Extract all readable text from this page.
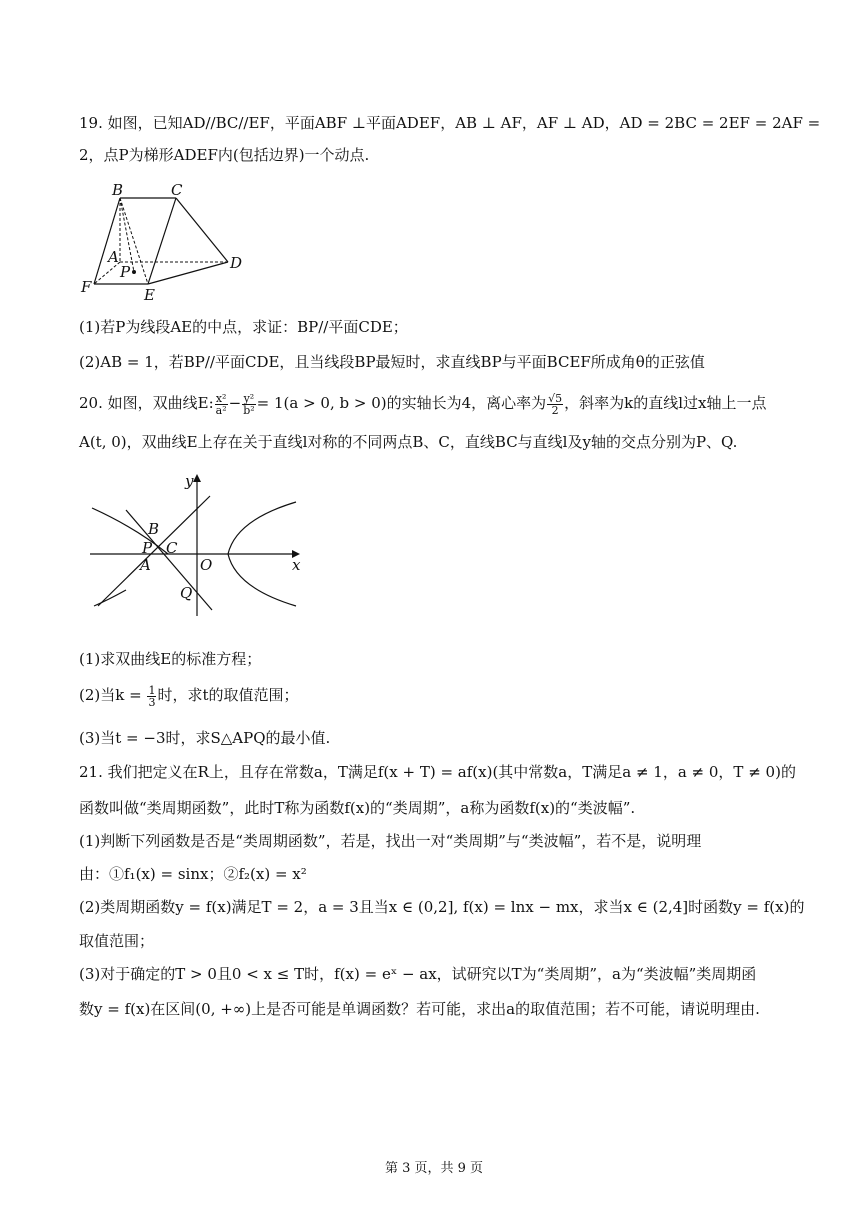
19. 如图，已知AD//BC//EF，平面ABF ⊥平面ADEF，AB ⊥ AF，AF ⊥ AD，AD = 2BC = 2EF = 2AF =
2，点P为梯形ADEF内(包括边界)一个动点.
B	C
A
P	D
F	E
(1)若P为线段AE的中点，求证：BP//平面CDE；
(2)AB = 1，若BP//平面CDE，且当线段BP最短时，求直线BP与平面BCEF所成角θ的正弦值
20. 如图，双曲线E: $\frac{\text{x²}}{\text{a²}} - \frac{\text{y²}}{\text{b²}} = 1(a > 0$, b > 0)的实轴长为4，离心率为 $\frac{√5}{2}$ ，斜率为k的直线l过x轴上一点
A(t, 0)，双曲线E上存在关于直线l对称的不同两点B、C，直线BC与直线l及y轴的交点分别为P、Q.
B
P C
A	O
Q
y
x
(1)求双曲线E的标准方程；
(2)当$k = \frac{1}{3}$ 时，求t的取值范围；
(3)当t = −3时，求S△APQ的最小值.
21. 我们把定义在R上，且存在常数a，T满足f(x + T) = af(x)(其中常数a，T满足a ≠ 1，a ≠ 0，T ≠ 0)的
函数叫做“类周期函数”，此时T称为函数f(x)的“类周期”，a称为函数f(x)的“类波幅”.
(1)判断下列函数是否是“类周期函数”，若是，找出一对“类周期”与“类波幅”，若不是，说明理
由：①f₁(x) = sinx；②f₂(x) = x²
(2)类周期函数y = f(x)满足T = 2，a = 3且当x ∈ (0,2], f(x) = lnx − mx，求当x ∈ (2,4]时函数y = f(x)的
取值范围；
(3)对于确定的T > 0且0 < x ≤ T时，f(x) = eˣ − ax，试研究以T为“类周期”，a为“类波幅”类周期函
数y = f(x)在区间(0, +∞)上是否可能是单调函数？若可能，求出a的取值范围；若不可能，请说明理由.
第 3 页，共 9 页
